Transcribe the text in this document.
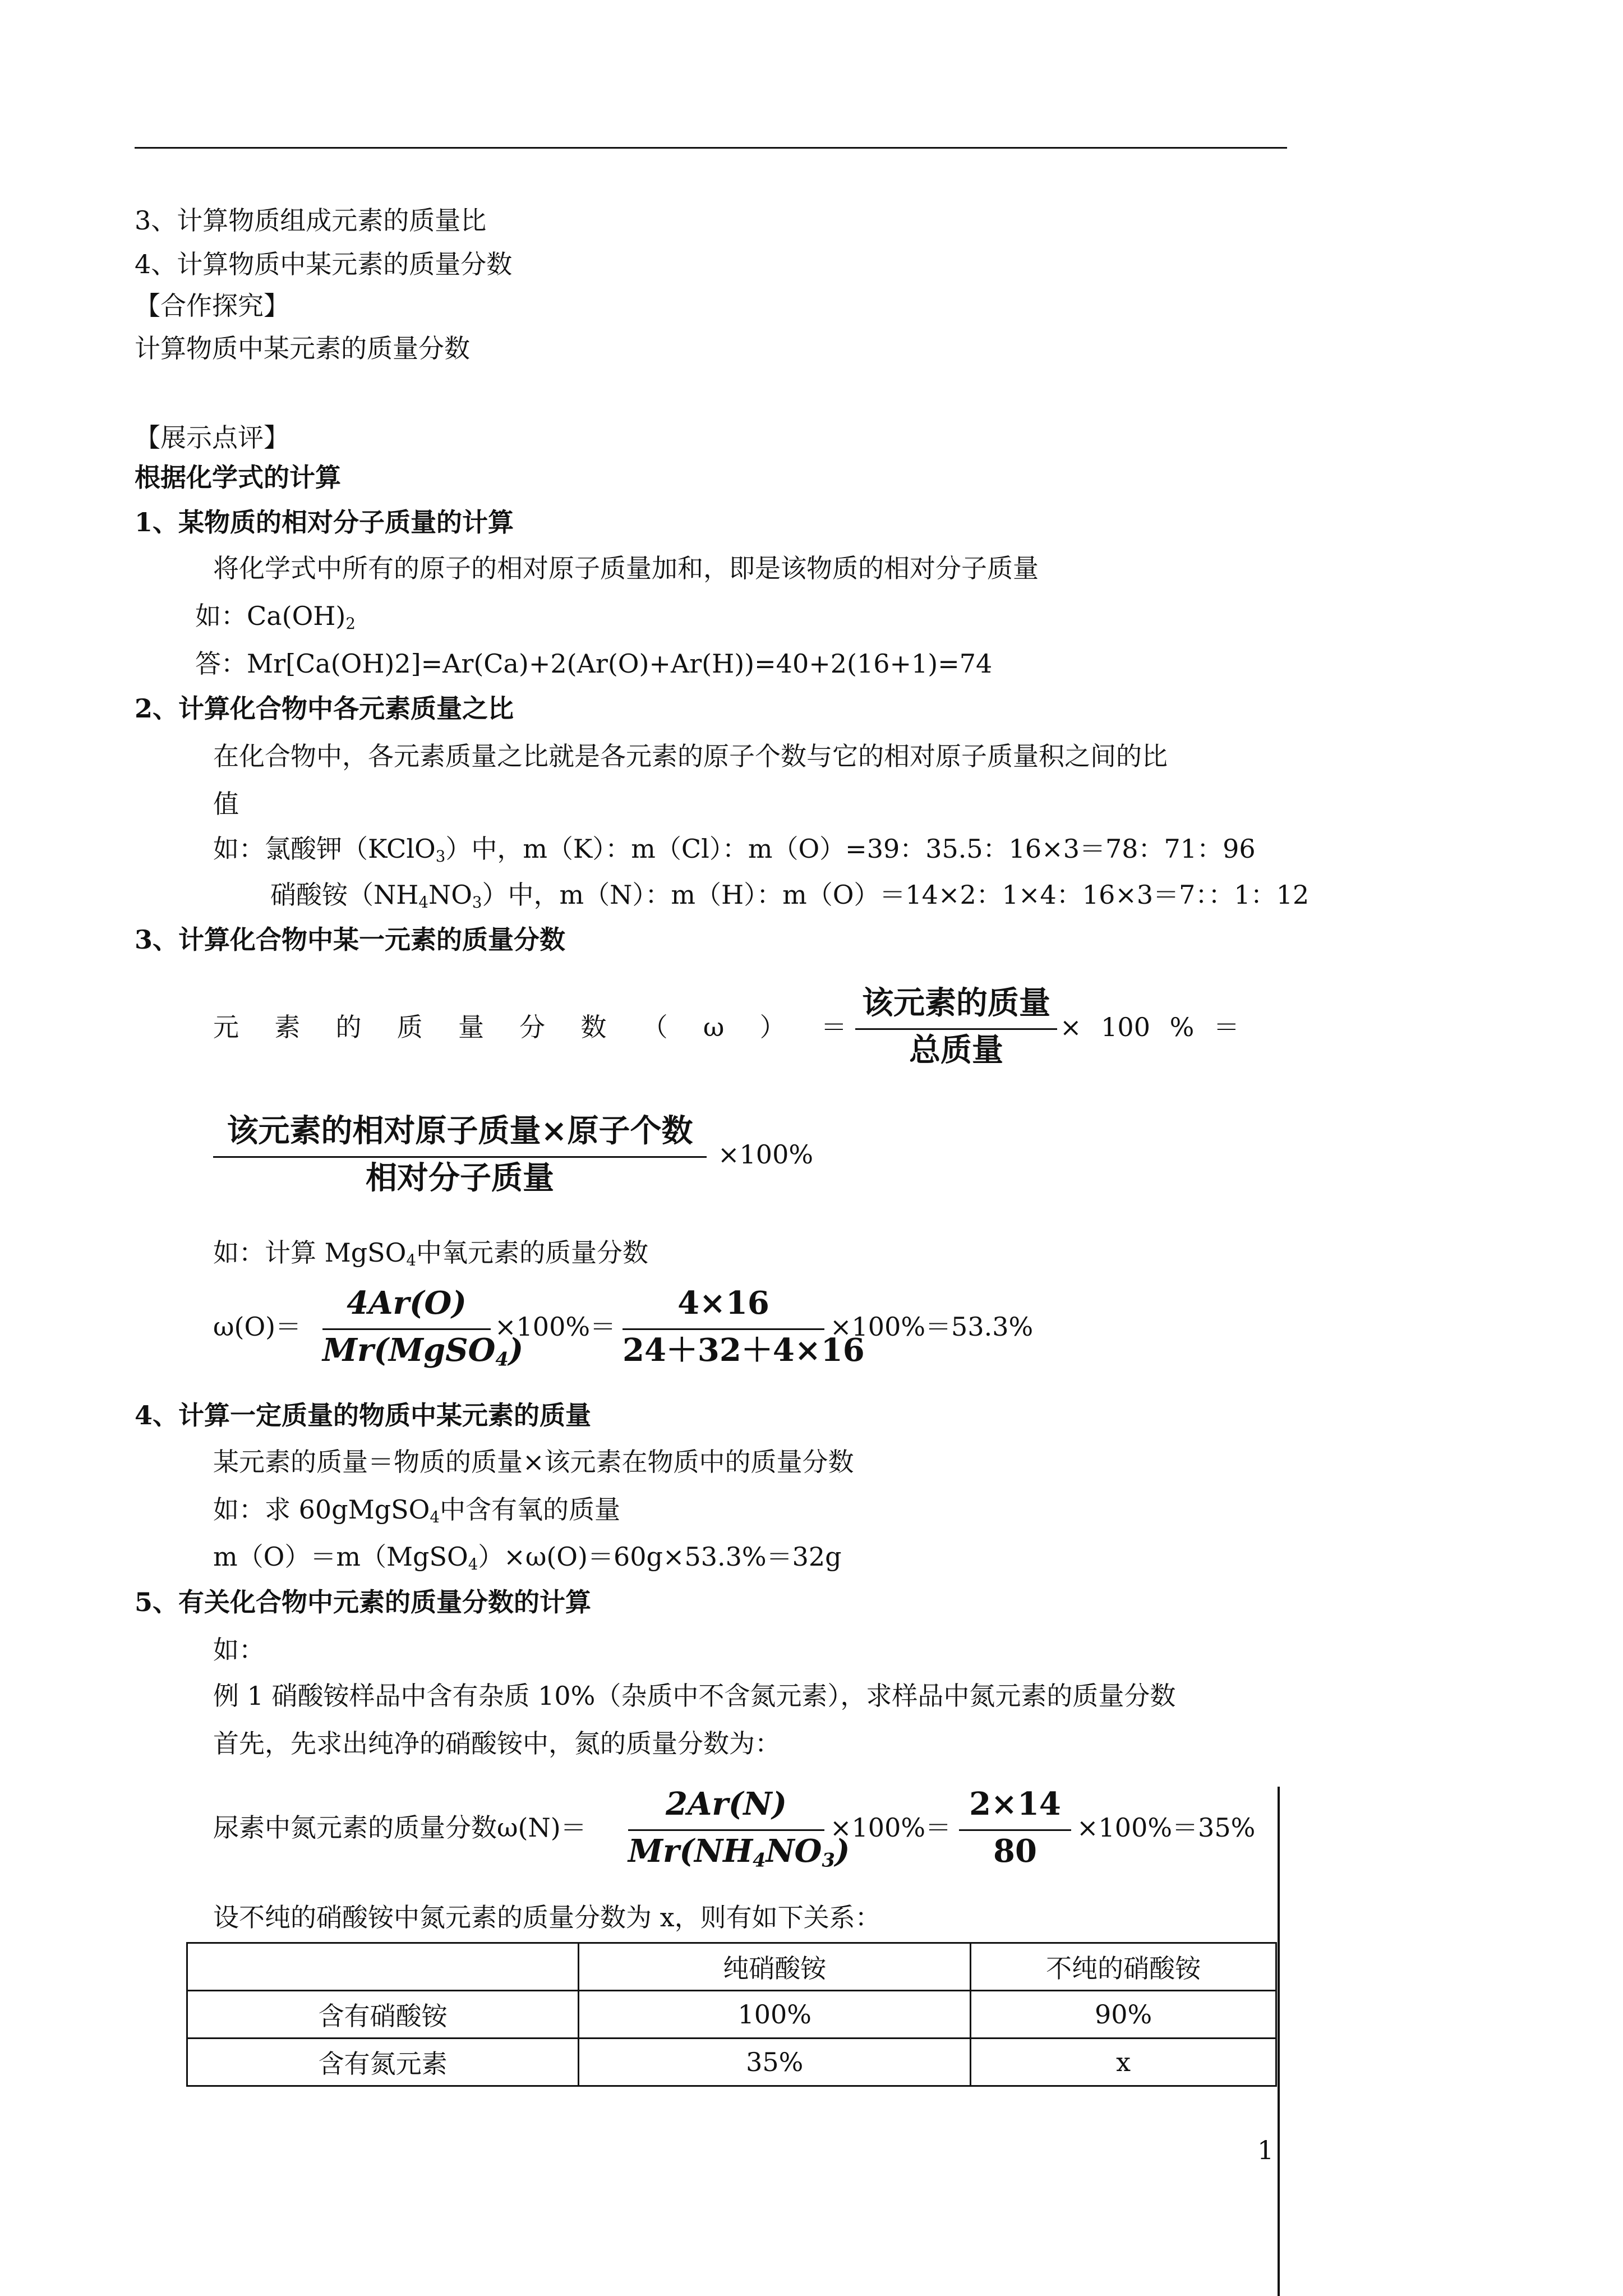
3、计算物质组成元素的质量比
4、计算物质中某元素的质量分数
【合作探究】
计算物质中某元素的质量分数
【展示点评】
根据化学式的计算
1、某物质的相对分子质量的计算
将化学式中所有的原子的相对原子质量加和，即是该物质的相对分子质量
如：$Ca(OH)_2$
答：Mr[Ca(OH)2]=Ar(Ca)+2(Ar(O)+Ar(H))=40+2(16+1)=74
2、计算化合物中各元素质量之比
在化合物中，各元素质量之比就是各元素的原子个数与它的相对原子质量积之间的比
值
如：氯酸钾（KClO$_3$）中，m（K）：m（Cl）：m（O）=39：35.5：16×3＝78：71：96
硝酸铵$(NH_4NO_3)$中，m（N）：m（H）：m（O）＝14×2：1×4：16×3＝7：：1：12
3、计算化合物中某一元素的质量分数
元 素 的 质 量 分 数 （ ω ） ＝
该元素的质量
总质量
× 100 % ＝
该元素的相对原子质量×原子个数
相对分子质量
×100%
如：计算 MgSO$_4$中氧元素的质量分数
ω(O)＝
4Ar(O)
Mr(MgSO$_4$)
×100%＝
4×16
24＋32＋4×16
×100%＝53.3%
4、计算一定质量的物质中某元素的质量
某元素的质量＝物质的质量×该元素在物质中的质量分数
如：求 60gMgSO$_4$中含有氧的质量
m（O）＝m（MgSO$_4$）×ω(O)＝60g×53.3%＝32g
5、有关化合物中元素的质量分数的计算
如：
例 1 硝酸铵样品中含有杂质 10%（杂质中不含氮元素），求样品中氮元素的质量分数
首先，先求出纯净的硝酸铵中，氮的质量分数为：
尿素中氮元素的质量分数ω(N)＝
2Ar(N)
$Mr(NH_4NO_3)$
×100%＝
2×14
80
×100%＝35%
设不纯的硝酸铵中氮元素的质量分数为 x，则有如下关系：
	纯硝酸铵	不纯的硝酸铵
含有硝酸铵	100%	90%
含有氮元素	35%	x
1
